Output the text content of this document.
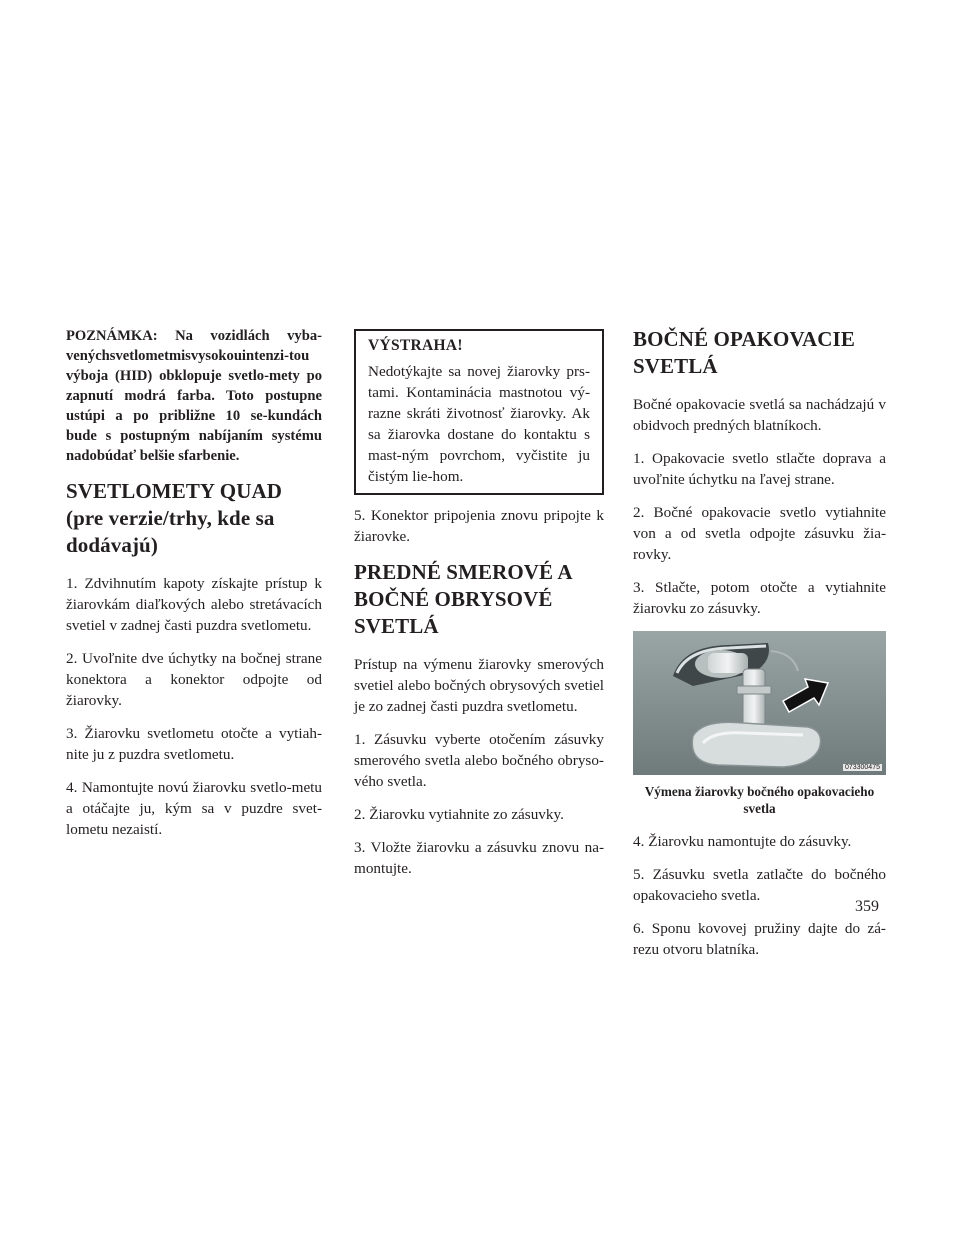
POZNÁMKA: Na vozidlách vyba-venýchsvetlometmisvysokouintenzi-tou výboja (HID) obklopuje svetlo-mety po zapnutí modrá farba. Toto postupne ustúpi a po približne 10 se-kundách bude s postupným nabíjaním systému nadobúdať belšie sfarbenie.

SVETLOMETY QUAD (pre verzie/trhy, kde sa dodávajú)

1. Zdvihnutím kapoty získajte prístup k žiarovkám diaľkových alebo stretávacích svetiel v zadnej časti puzdra svetlometu.

2. Uvoľnite dve úchytky na bočnej strane konektora a konektor odpojte od žiarovky.

3. Žiarovku svetlometu otočte a vytiah-nite ju z puzdra svetlometu.

4. Namontujte novú žiarovku svetlo-metu a otáčajte ju, kým sa v puzdre svet-lometu nezaistí.

VÝSTRAHA!

Nedotýkajte sa novej žiarovky prs-tami. Kontaminácia mastnotou vý-razne skráti životnosť žiarovky. Ak sa žiarovka dostane do kontaktu s mast-ným povrchom, vyčistite ju čistým lie-hom.

5. Konektor pripojenia znovu pripojte k žiarovke.

PREDNÉ SMEROVÉ A BOČNÉ OBRYSOVÉ SVETLÁ

Prístup na výmenu žiarovky smerových svetiel alebo bočných obrysových svetiel je zo zadnej časti puzdra svetlometu.

1. Zásuvku vyberte otočením zásuvky smerového svetla alebo bočného obryso-vého svetla.

2. Žiarovku vytiahnite zo zásuvky.

3. Vložte žiarovku a zásuvku znovu na-montujte.

BOČNÉ OPAKOVACIE SVETLÁ

Bočné opakovacie svetlá sa nachádzajú v obidvoch predných blatníkoch.

1. Opakovacie svetlo stlačte doprava a uvoľnite úchytku na ľavej strane.

2. Bočné opakovacie svetlo vytiahnite von a od svetla odpojte zásuvku žia-rovky.

3. Stlačte, potom otočte a vytiahnite žiarovku zo zásuvky.

073300475
Výmena žiarovky bočného opakovacieho svetla

4. Žiarovku namontujte do zásuvky.

5. Zásuvku svetla zatlačte do bočného opakovacieho svetla.

6. Sponu kovovej pružiny dajte do zá-rezu otvoru blatníka.

359
